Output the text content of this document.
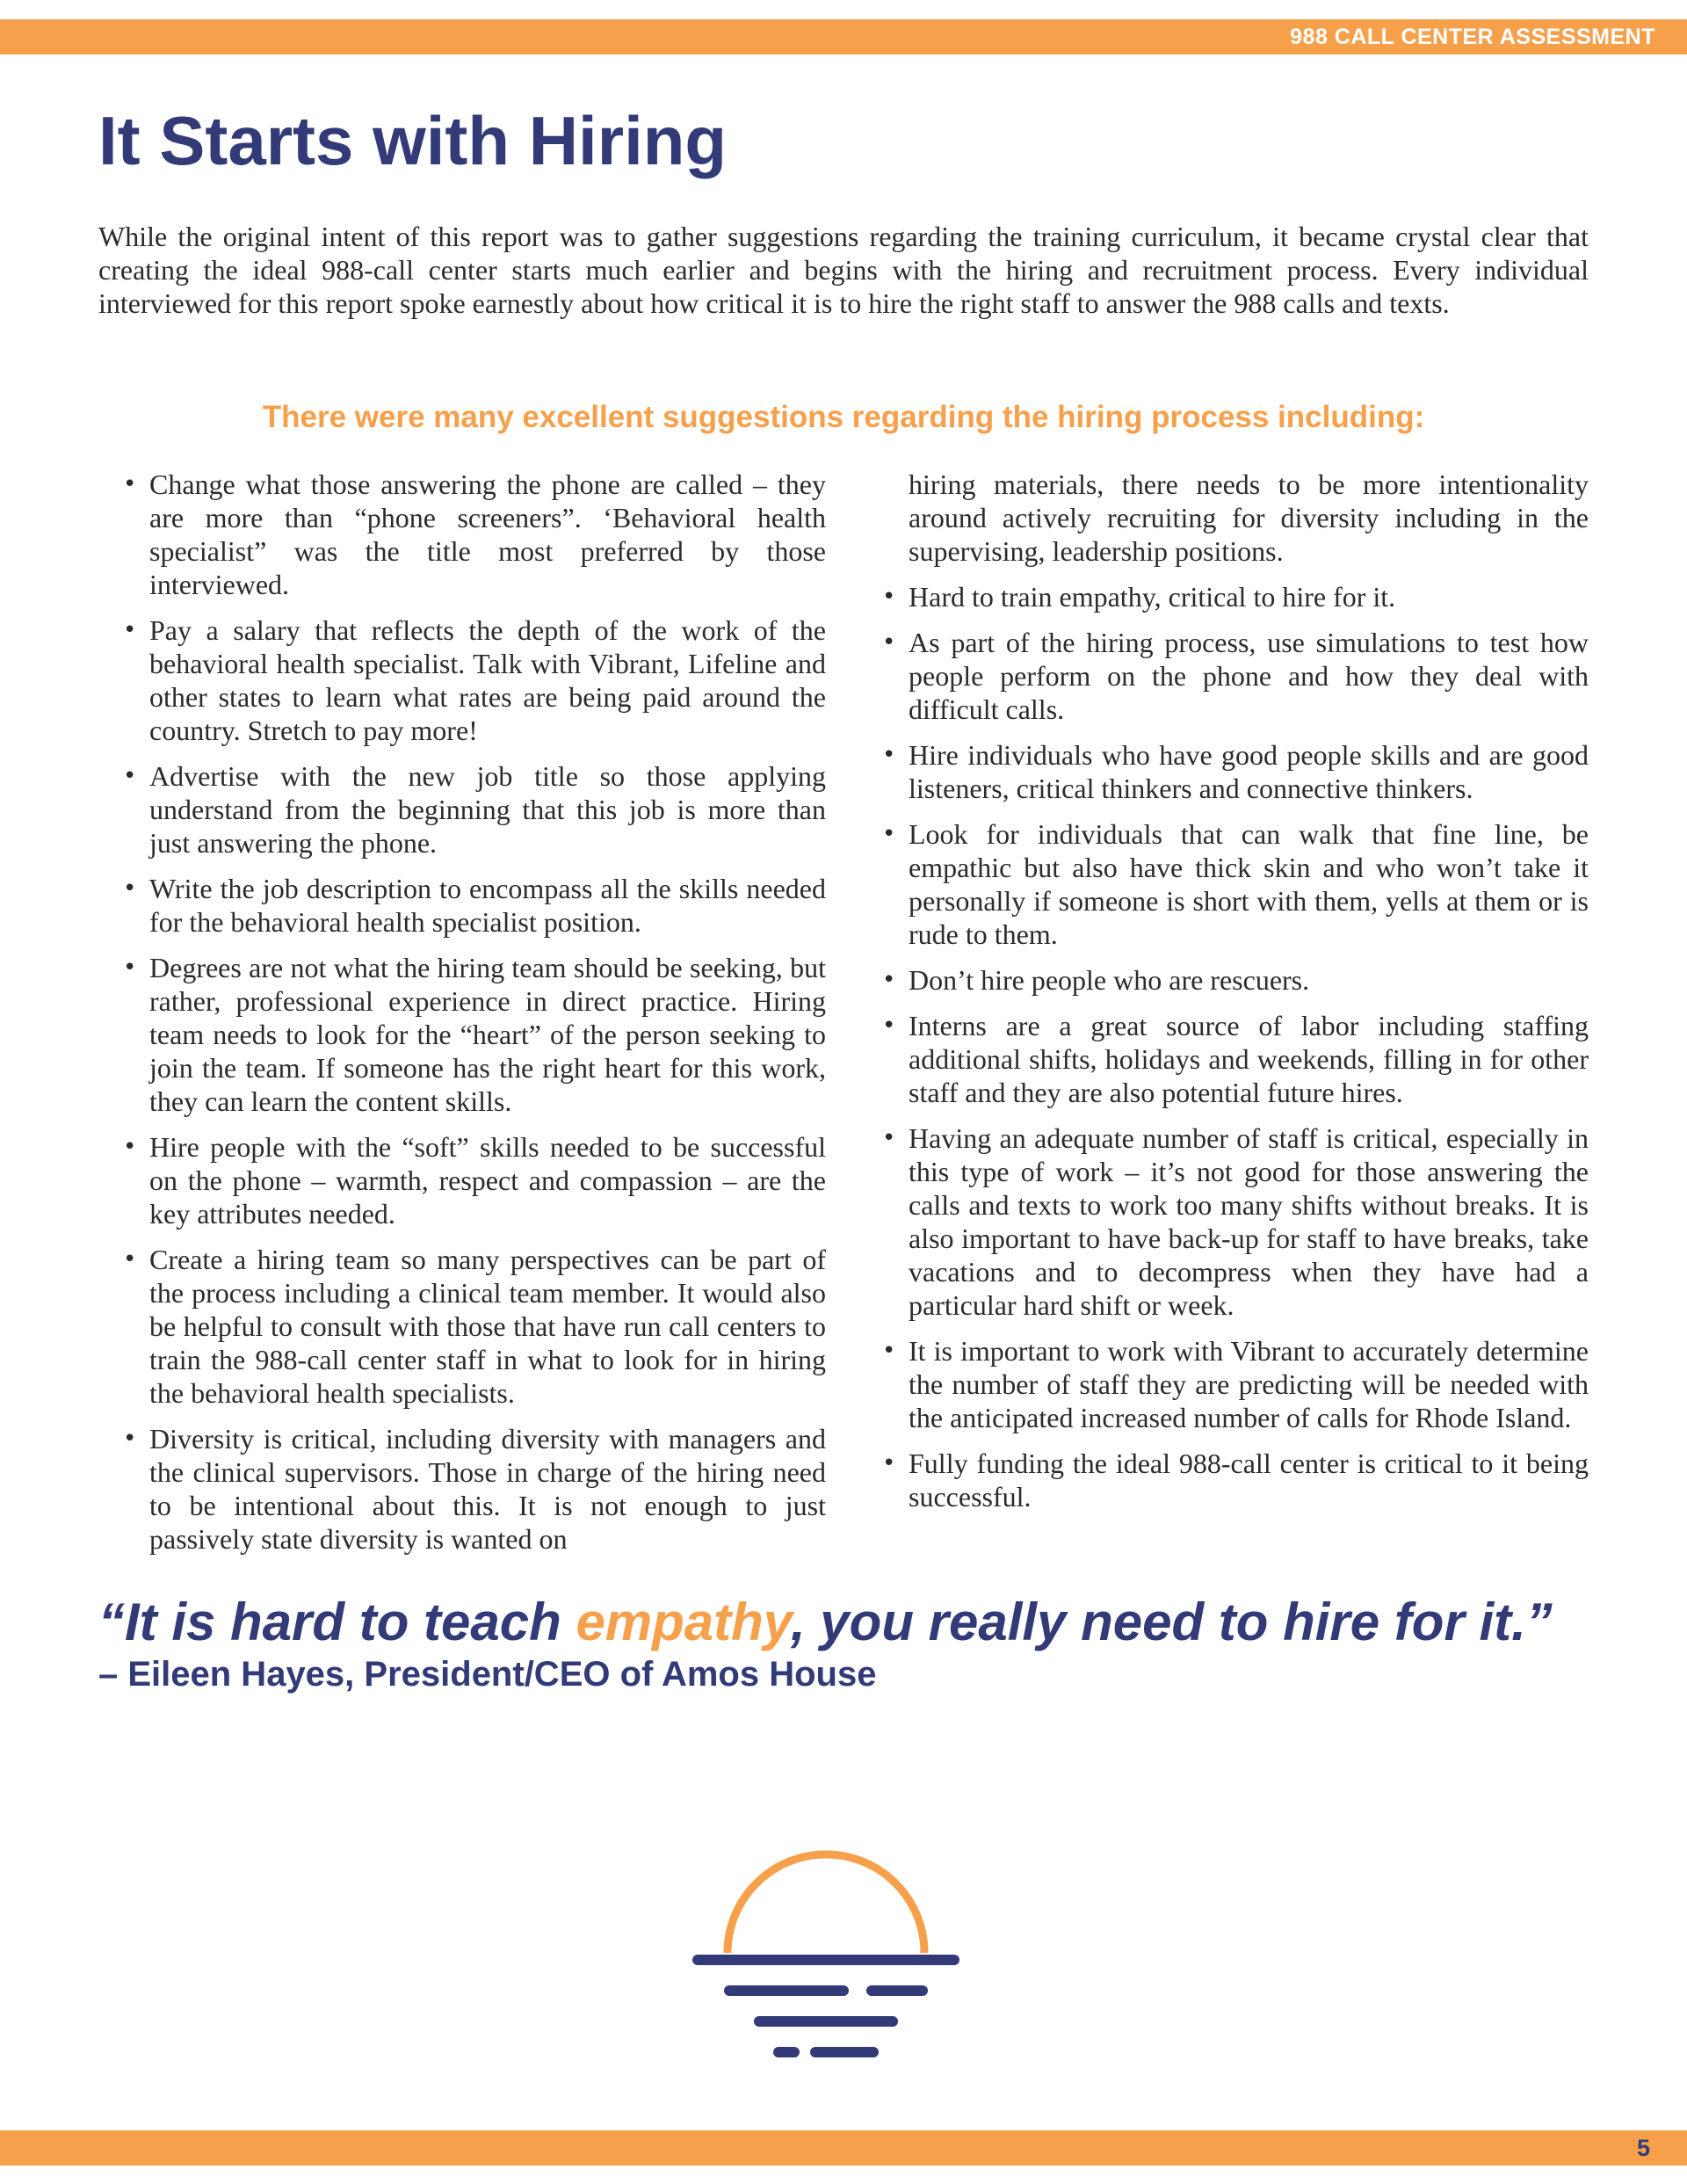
988 CALL CENTER ASSESSMENT
It Starts with Hiring

While the original intent of this report was to gather suggestions regarding the training curriculum, it became crystal clear that creating the ideal 988-call center starts much earlier and begins with the hiring and recruitment process. Every individual interviewed for this report spoke earnestly about how critical it is to hire the right staff to answer the 988 calls and texts.

There were many excellent suggestions regarding the hiring process including:
• Change what those answering the phone are called – they are more than “phone screeners”. ‘Behavioral health specialist” was the title most preferred by those interviewed.
• Pay a salary that reflects the depth of the work of the behavioral health specialist. Talk with Vibrant, Lifeline and other states to learn what rates are being paid around the country. Stretch to pay more!
• Advertise with the new job title so those applying understand from the beginning that this job is more than just answering the phone.
• Write the job description to encompass all the skills needed for the behavioral health specialist position.
• Degrees are not what the hiring team should be seeking, but rather, professional experience in direct practice. Hiring team needs to look for the “heart” of the person seeking to join the team. If someone has the right heart for this work, they can learn the content skills.
• Hire people with the “soft” skills needed to be successful on the phone – warmth, respect and compassion – are the key attributes needed.
• Create a hiring team so many perspectives can be part of the process including a clinical team member. It would also be helpful to consult with those that have run call centers to train the 988-call center staff in what to look for in hiring the behavioral health specialists.
• Diversity is critical, including diversity with managers and the clinical supervisors. Those in charge of the hiring need to be intentional about this. It is not enough to just passively state diversity is wanted on
hiring materials, there needs to be more intentionality around actively recruiting for diversity including in the supervising, leadership positions.
• Hard to train empathy, critical to hire for it.
• As part of the hiring process, use simulations to test how people perform on the phone and how they deal with difficult calls.
• Hire individuals who have good people skills and are good listeners, critical thinkers and connective thinkers.
• Look for individuals that can walk that fine line, be empathic but also have thick skin and who won’t take it personally if someone is short with them, yells at them or is rude to them.
• Don’t hire people who are rescuers.
• Interns are a great source of labor including staffing additional shifts, holidays and weekends, filling in for other staff and they are also potential future hires.
• Having an adequate number of staff is critical, especially in this type of work – it’s not good for those answering the calls and texts to work too many shifts without breaks. It is also important to have back-up for staff to have breaks, take vacations and to decompress when they have had a particular hard shift or week.
• It is important to work with Vibrant to accurately determine the number of staff they are predicting will be needed with the anticipated increased number of calls for Rhode Island.
• Fully funding the ideal 988-call center is critical to it being successful.

“It is hard to teach empathy, you really need to hire for it.”

– Eileen Hayes, President/CEO of Amos House

5
